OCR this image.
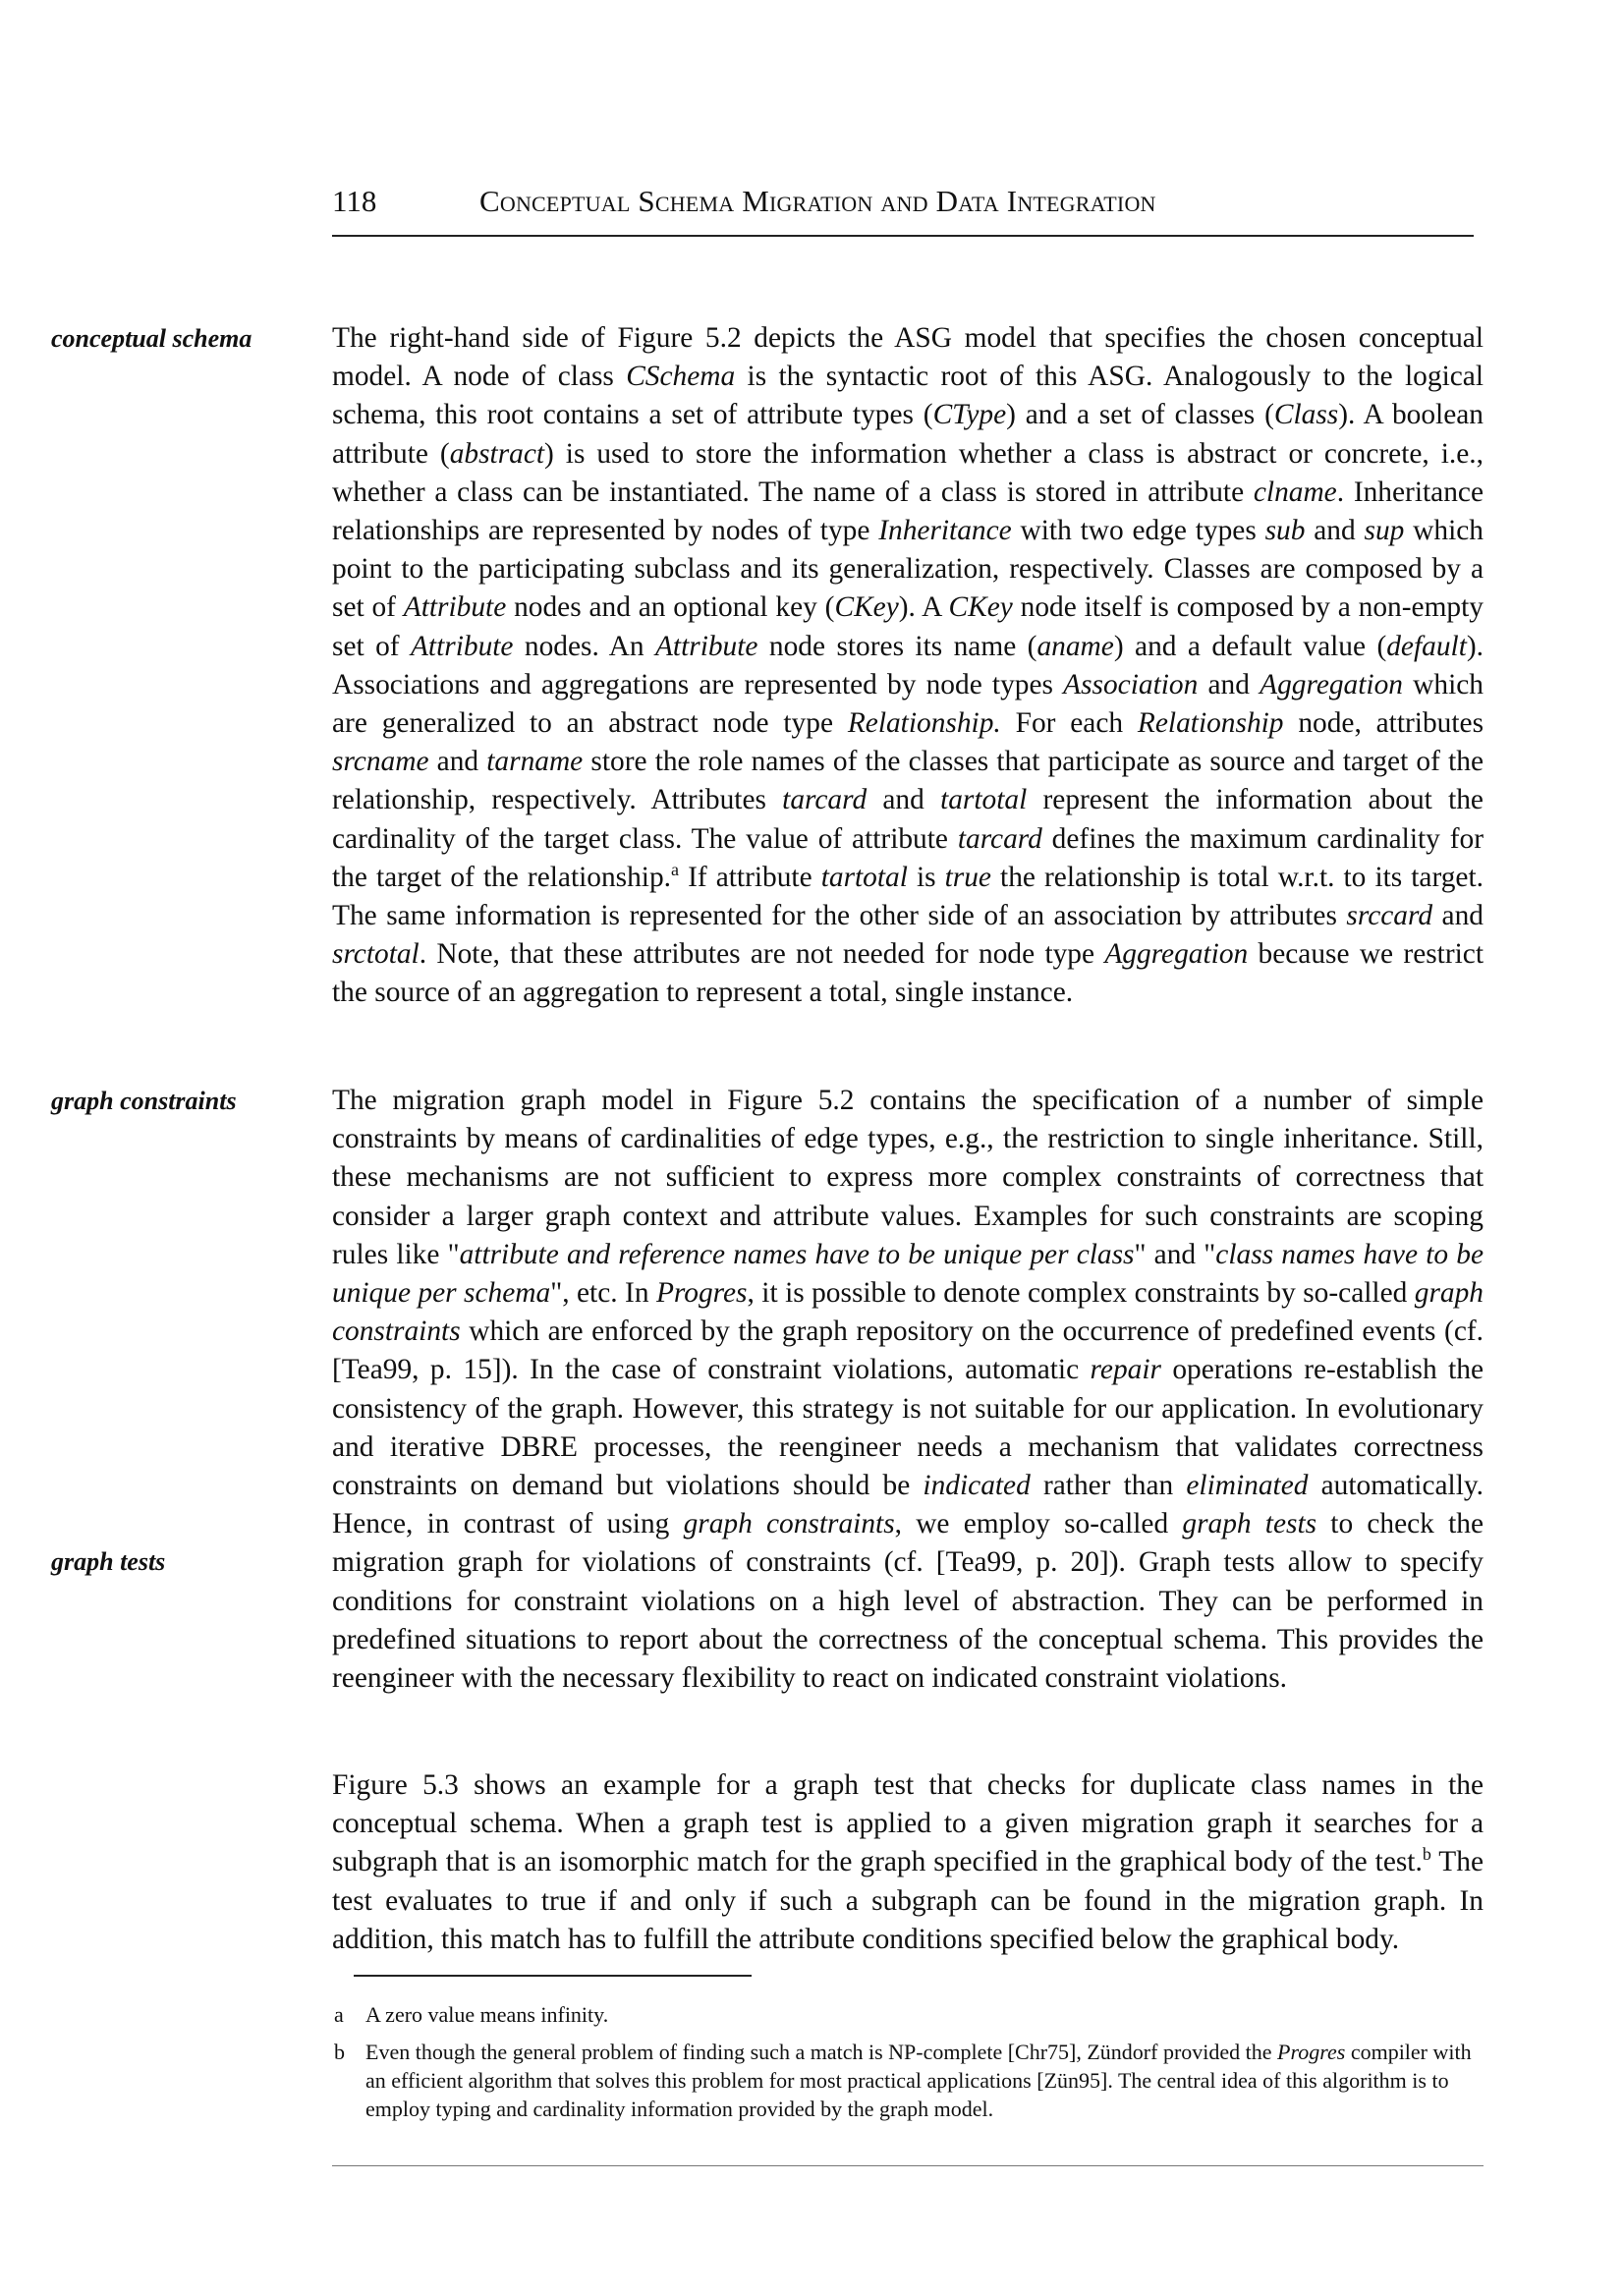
118	Conceptual Schema Migration and Data Integration
conceptual schema
graph constraints
graph tests

The right-hand side of Figure 5.2 depicts the ASG model that specifies the chosen conceptual model. A node of class CSchema is the syntactic root of this ASG. Analogously to the logical schema, this root contains a set of attribute types (CType) and a set of classes (Class). A boolean attribute (abstract) is used to store the information whether a class is abstract or concrete, i.e., whether a class can be instantiated. The name of a class is stored in attribute clname. Inheritance relationships are represented by nodes of type Inheritance with two edge types sub and sup which point to the participating subclass and its generalization, respectively. Classes are composed by a set of Attribute nodes and an optional key (CKey). A CKey node itself is composed by a non-empty set of Attribute nodes. An Attribute node stores its name (aname) and a default value (default). Associations and aggregations are represented by node types Association and Aggregation which are generalized to an abstract node type Relationship. For each Relationship node, attributes srcname and tarname store the role names of the classes that participate as source and target of the relationship, respectively. Attributes tarcard and tartotal represent the information about the cardinality of the target class. The value of attribute tarcard defines the maximum cardinality for the target of the relationship.$^a$ If attribute tartotal is true the relationship is total w.r.t. to its target. The same information is represented for the other side of an association by attributes srccard and srctotal. Note, that these attributes are not needed for node type Aggregation because we restrict the source of an aggregation to represent a total, single instance.

The migration graph model in Figure 5.2 contains the specification of a number of simple constraints by means of cardinalities of edge types, e.g., the restriction to single inheritance. Still, these mechanisms are not sufficient to express more complex constraints of correctness that consider a larger graph context and attribute values. Examples for such constraints are scoping rules like "attribute and reference names have to be unique per class" and "class names have to be unique per schema", etc. In Progres, it is possible to denote complex constraints by so-called graph constraints which are enforced by the graph repository on the occurrence of predefined events (cf. [Tea99, p. 15]). In the case of constraint violations, automatic repair operations re-establish the consistency of the graph. However, this strategy is not suitable for our application. In evolutionary and iterative DBRE processes, the reengineer needs a mechanism that validates correctness constraints on demand but violations should be indicated rather than eliminated automatically. Hence, in contrast of using graph constraints, we employ so-called graph tests to check the migration graph for violations of constraints (cf. [Tea99, p. 20]). Graph tests allow to specify conditions for constraint violations on a high level of abstraction. They can be performed in predefined situations to report about the correctness of the conceptual schema. This provides the reengineer with the necessary flexibility to react on indicated constraint violations.

Figure 5.3 shows an example for a graph test that checks for duplicate class names in the conceptual schema. When a graph test is applied to a given migration graph it searches for a subgraph that is an isomorphic match for the graph specified in the graphical body of the test.$^b$ The test evaluates to true if and only if such a subgraph can be found in the migration graph. In addition, this match has to fulfill the attribute conditions specified below the graphical body.

a A zero value means infinity.
b Even though the general problem of finding such a match is NP-complete [Chr75], Zündorf provided the Progres compiler with an efficient algorithm that solves this problem for most practical applications [Zün95]. The central idea of this algorithm is to employ typing and cardinality information provided by the graph model.
